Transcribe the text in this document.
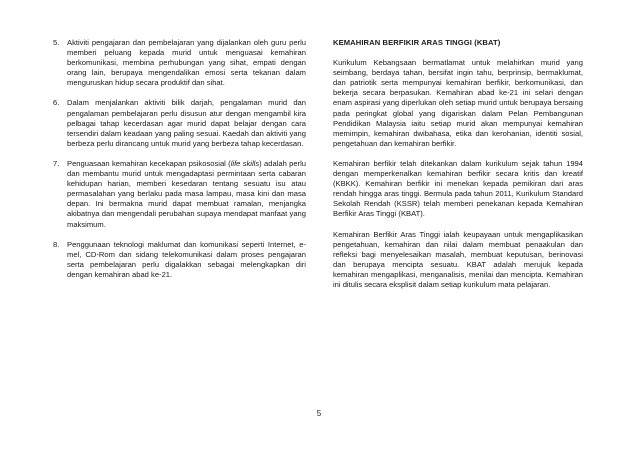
5.	Aktiviti pengajaran dan pembelajaran yang dijalankan oleh guru perlu memberi peluang kepada murid untuk menguasai kemahiran berkomunikasi, membina perhubungan yang sihat, empati dengan orang lain, berupaya mengendalikan emosi serta tekanan dalam menguruskan hidup secara produktif dan sihat.
6.	Dalam menjalankan aktiviti bilik darjah, pengalaman murid dan pengalaman pembelajaran perlu disusun atur dengan mengambil kira pelbagai tahap kecerdasan agar murid dapat belajar dengan cara tersendiri dalam keadaan yang paling sesuai. Kaedah dan aktiviti yang berbeza perlu dirancang untuk murid yang berbeza tahap kecerdasan.
7.	Penguasaan kemahiran kecekapan psikososial (life skills) adalah perlu dan membantu murid untuk mengadaptasi permintaan serta cabaran kehidupan harian, memberi kesedaran tentang sesuatu isu atau permasalahan yang berlaku pada masa lampau, masa kini dan masa depan. Ini bermakna murid dapat membuat ramalan, menjangka akibatnya dan mengendali perubahan supaya mendapat manfaat yang maksimum.
8.	Penggunaan teknologi maklumat dan komunikasi seperti Internet, e-mel, CD-Rom dan sidang telekomunikasi dalam proses pengajaran serta pembelajaran perlu digalakkan sebagai melengkapkan diri dengan kemahiran abad ke-21.
KEMAHIRAN BERFIKIR ARAS TINGGI (KBAT)

Kurikulum Kebangsaan bermatlamat untuk melahirkan murid yang seimbang, berdaya tahan, bersifat ingin tahu, berprinsip, bermaklumat, dan patriotik serta mempunyai kemahiran berfikir, berkomunikasi, dan bekerja secara berpasukan. Kemahiran abad ke-21 ini selari dengan enam aspirasi yang diperlukan oleh setiap murid untuk berupaya bersaing pada peringkat global yang digariskan dalam Pelan Pembangunan Pendidikan Malaysia iaitu setiap murid akan mempunyai kemahiran memimpin, kemahiran dwibahasa, etika dan kerohanian, identiti sosial, pengetahuan dan kemahiran berfikir.

Kemahiran berfikir telah ditekankan dalam kurikulum sejak tahun 1994 dengan memperkenalkan kemahiran berfikir secara kritis dan kreatif (KBKK). Kemahiran berfikir ini menekan kepada pemikiran dari aras rendah hingga aras tinggi. Bermula pada tahun 2011, Kurikulum Standard Sekolah Rendah (KSSR) telah memberi penekanan kepada Kemahiran Berfikir Aras Tinggi (KBAT).

Kemahiran Berfikir Aras Tinggi ialah keupayaan untuk mengaplikasikan pengetahuan, kemahiran dan nilai dalam membuat penaakulan dan refleksi bagi menyelesaikan masalah, membuat keputusan, berinovasi dan berupaya mencipta sesuatu. KBAT adalah merujuk kepada kemahiran mengaplikasi, menganalisis, menilai dan mencipta. Kemahiran ini ditulis secara eksplisit dalam setiap kurikulum mata pelajaran.

5
